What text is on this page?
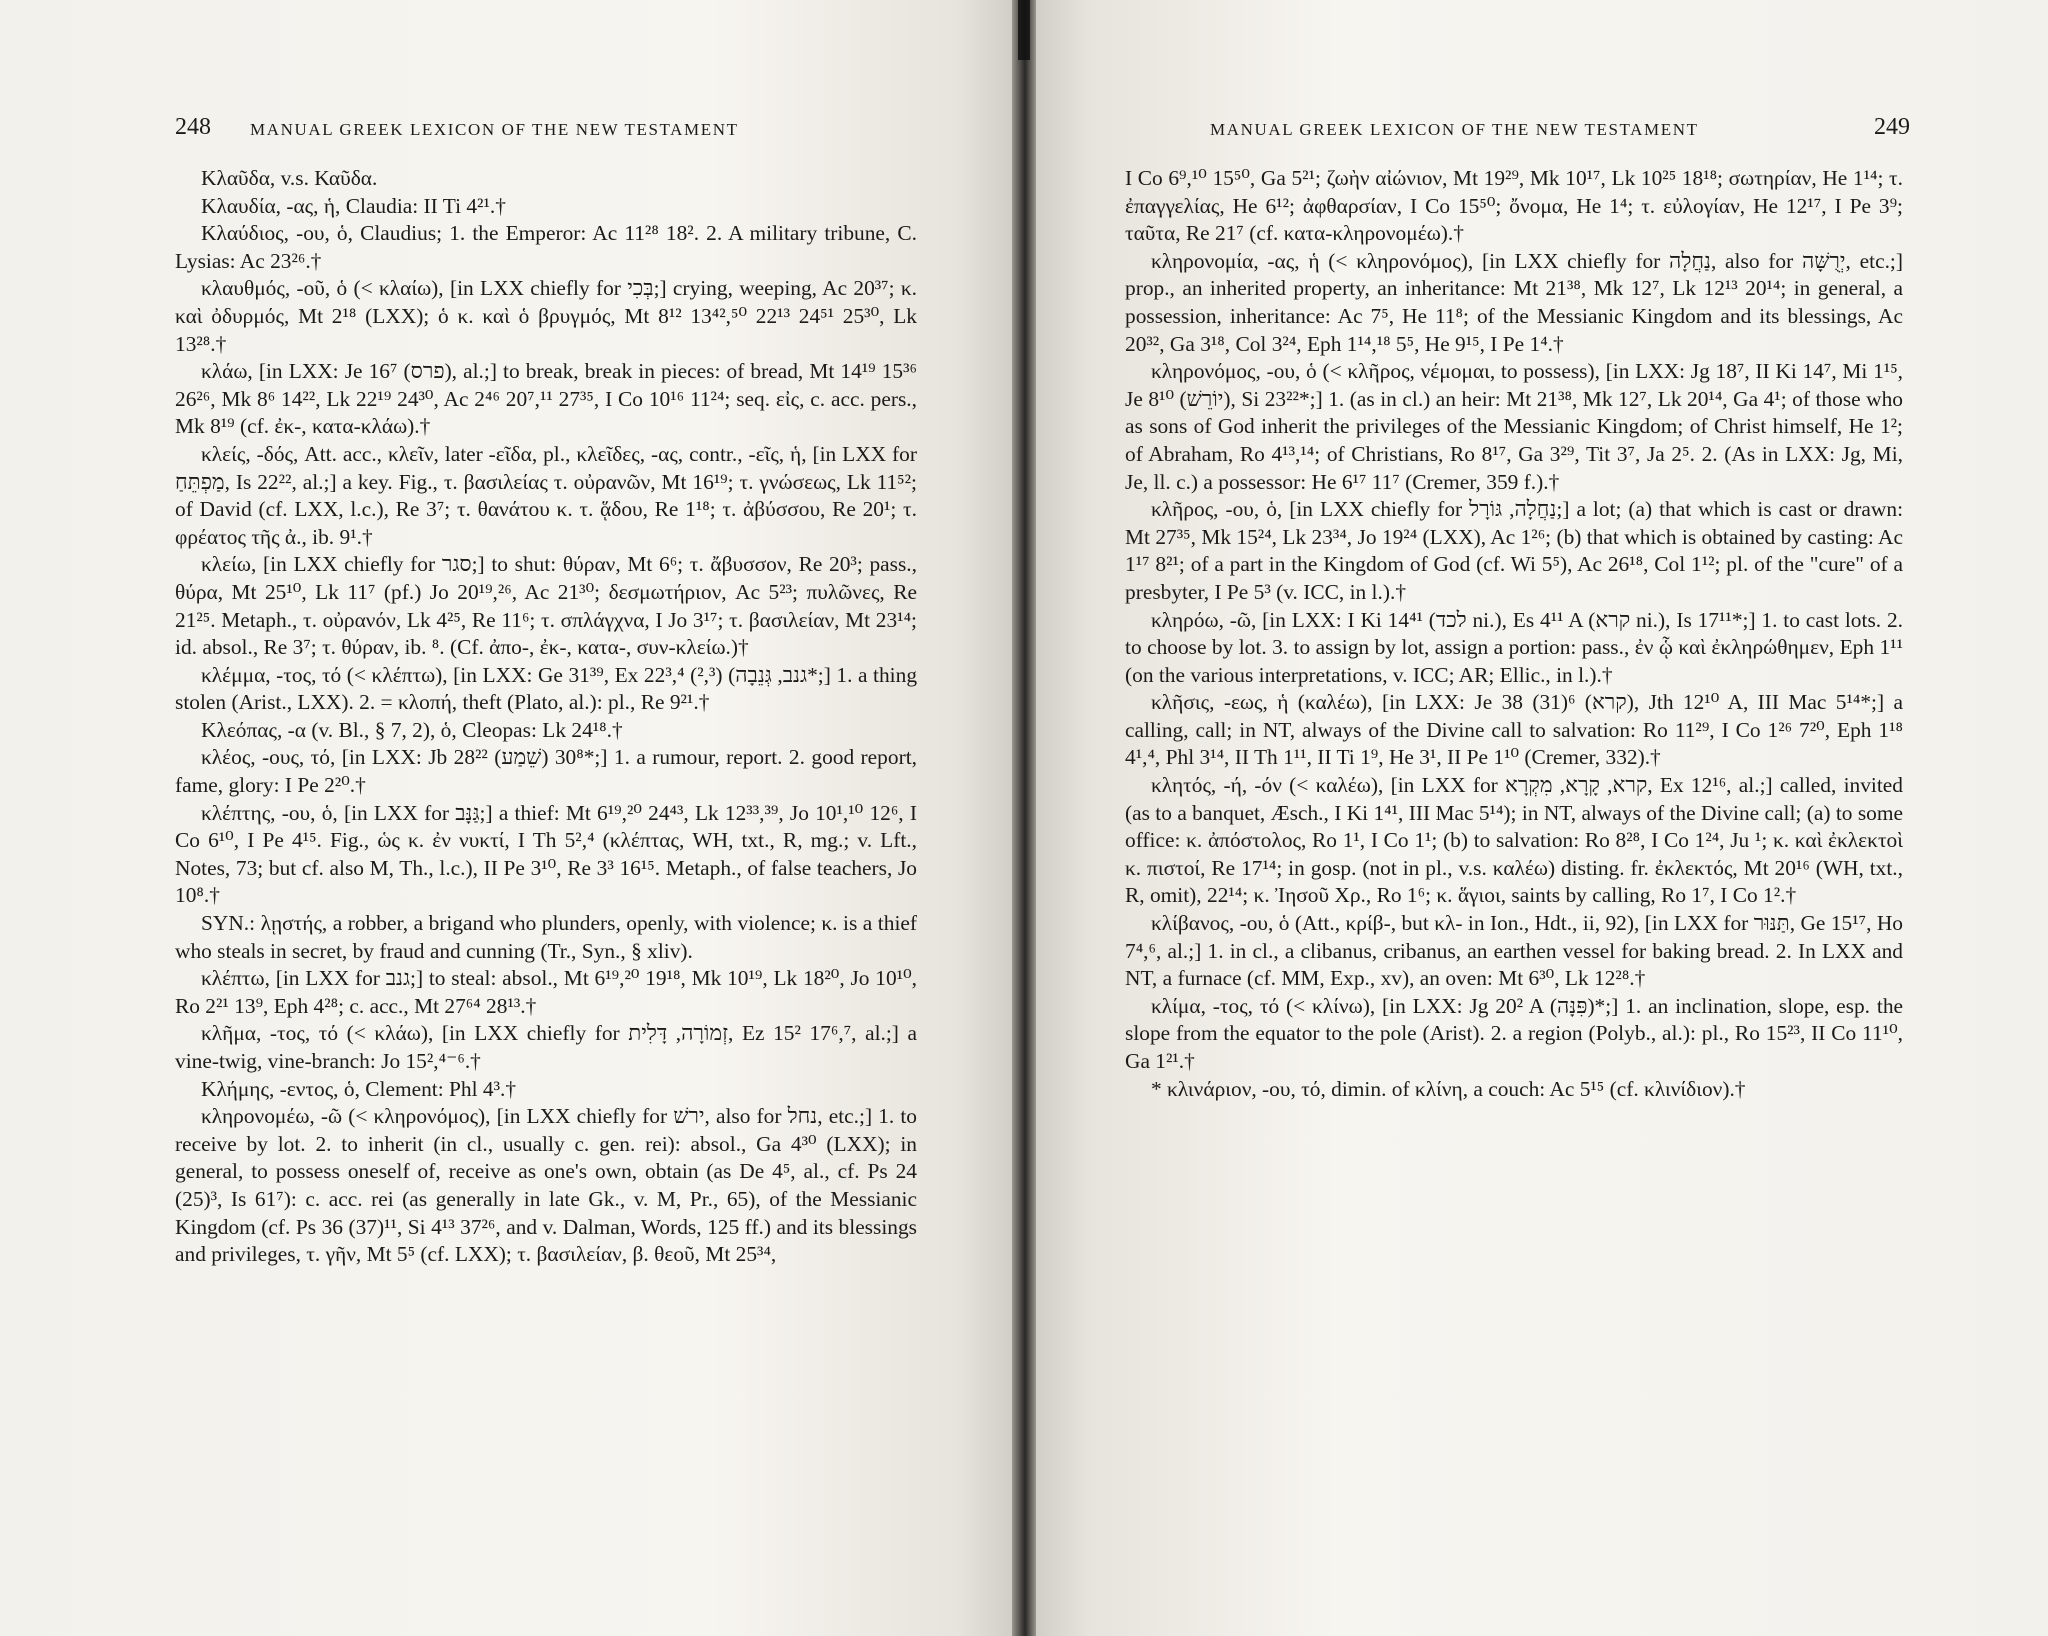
248 MANUAL GREEK LEXICON OF THE NEW TESTAMENT

Κλαῦδα, v.s. Καῦδα.

Κλαυδία, -ας, ἡ, Claudia: II Ti 4²¹.†

Κλαύδιος, -ου, ὁ, Claudius; 1. the Emperor: Ac 11²⁸ 18². 2. A military tribune, C. Lysias: Ac 23²⁶.†

κλαυθμός, -οῦ, ὁ (< κλαίω), [in LXX chiefly for בְּכִי;] crying, weeping, Ac 20³⁷; κ. καὶ ὀδυρμός, Mt 2¹⁸ (LXX); ὁ κ. καὶ ὁ βρυγμός, Mt 8¹² 13⁴²,⁵⁰ 22¹³ 24⁵¹ 25³⁰, Lk 13²⁸.†

κλάω, [in LXX: Je 16⁷ (פרס), al.;] to break, break in pieces: of bread, Mt 14¹⁹ 15³⁶ 26²⁶, Mk 8⁶ 14²², Lk 22¹⁹ 24³⁰, Ac 2⁴⁶ 20⁷,¹¹ 27³⁵, I Co 10¹⁶ 11²⁴; seq. εἰς, c. acc. pers., Mk 8¹⁹ (cf. ἐκ-, κατα-κλάω).†

κλείς, -δός, Att. acc., κλεῖν, later -εῖδα, pl., κλεῖδες, -ας, contr., -εῖς, ἡ, [in LXX for מַפְתֵּחַ, Is 22²², al.;] a key. Fig., τ. βασιλείας τ. οὐρανῶν, Mt 16¹⁹; τ. γνώσεως, Lk 11⁵²; of David (cf. LXX, l.c.), Re 3⁷; τ. θανάτου κ. τ. ᾅδου, Re 1¹⁸; τ. ἀβύσσου, Re 20¹; τ. φρέατος τῆς ἀ., ib. 9¹.†

κλείω, [in LXX chiefly for סגר;] to shut: θύραν, Mt 6⁶; τ. ἄβυσσον, Re 20³; pass., θύρα, Mt 25¹⁰, Lk 11⁷ (pf.) Jo 20¹⁹,²⁶, Ac 21³⁰; δεσμωτήριον, Ac 5²³; πυλῶνες, Re 21²⁵. Metaph., τ. οὐρανόν, Lk 4²⁵, Re 11⁶; τ. σπλάγχνα, I Jo 3¹⁷; τ. βασιλείαν, Mt 23¹⁴; id. absol., Re 3⁷; τ. θύραν, ib. ⁸. (Cf. ἀπο-, ἐκ-, κατα-, συν-κλείω.)†

κλέμμα, -τος, τό (< κλέπτω), [in LXX: Ge 31³⁹, Ex 22³,⁴ (²,³) (גנב, גְּנֵבָה*;] 1. a thing stolen (Arist., LXX). 2. = κλοπή, theft (Plato, al.): pl., Re 9²¹.†

Κλεόπας, -α (v. Bl., § 7, 2), ὁ, Cleopas: Lk 24¹⁸.†

κλέος, -ους, τό, [in LXX: Jb 28²² (שֵׁמַע) 30⁸*;] 1. a rumour, report. 2. good report, fame, glory: I Pe 2²⁰.†

κλέπτης, -ου, ὁ, [in LXX for גַּנָּב;] a thief: Mt 6¹⁹,²⁰ 24⁴³, Lk 12³³,³⁹, Jo 10¹,¹⁰ 12⁶, I Co 6¹⁰, I Pe 4¹⁵. Fig., ὡς κ. ἐν νυκτί, I Th 5²,⁴ (κλέπτας, WH, txt., R, mg.; v. Lft., Notes, 73; but cf. also M, Th., l.c.), II Pe 3¹⁰, Re 3³ 16¹⁵. Metaph., of false teachers, Jo 10⁸.†

SYN.: λῃστής, a robber, a brigand who plunders, openly, with violence; κ. is a thief who steals in secret, by fraud and cunning (Tr., Syn., § xliv).

κλέπτω, [in LXX for גנב;] to steal: absol., Mt 6¹⁹,²⁰ 19¹⁸, Mk 10¹⁹, Lk 18²⁰, Jo 10¹⁰, Ro 2²¹ 13⁹, Eph 4²⁸; c. acc., Mt 27⁶⁴ 28¹³.†

κλῆμα, -τος, τό (< κλάω), [in LXX chiefly for זְמוֹרָה, דָּלִית, Ez 15² 17⁶,⁷, al.;] a vine-twig, vine-branch: Jo 15²,⁴⁻⁶.†

Κλήμης, -εντος, ὁ, Clement: Phl 4³.†

κληρονομέω, -ῶ (< κληρονόμος), [in LXX chiefly for ירשׁ, also for נחל, etc.;] 1. to receive by lot. 2. to inherit (in cl., usually c. gen. rei): absol., Ga 4³⁰ (LXX); in general, to possess oneself of, receive as one's own, obtain (as De 4⁵, al., cf. Ps 24 (25)³, Is 61⁷): c. acc. rei (as generally in late Gk., v. M, Pr., 65), of the Messianic Kingdom (cf. Ps 36 (37)¹¹, Si 4¹³ 37²⁶, and v. Dalman, Words, 125 ff.) and its blessings and privileges, τ. γῆν, Mt 5⁵ (cf. LXX); τ. βασιλείαν, β. θεοῦ, Mt 25³⁴,

MANUAL GREEK LEXICON OF THE NEW TESTAMENT	249

I Co 6⁹,¹⁰ 15⁵⁰, Ga 5²¹; ζωὴν αἰώνιον, Mt 19²⁹, Mk 10¹⁷, Lk 10²⁵ 18¹⁸; σωτηρίαν, He 1¹⁴; τ. ἐπαγγελίας, He 6¹²; ἀφθαρσίαν, I Co 15⁵⁰; ὄνομα, He 1⁴; τ. εὐλογίαν, He 12¹⁷, I Pe 3⁹; ταῦτα, Re 21⁷ (cf. κατα-κληρονομέω).†

κληρονομία, -ας, ἡ (< κληρονόμος), [in LXX chiefly for נַחֲלָה, also for יְרֻשָּׁה, etc.;] prop., an inherited property, an inheritance: Mt 21³⁸, Mk 12⁷, Lk 12¹³ 20¹⁴; in general, a possession, inheritance: Ac 7⁵, He 11⁸; of the Messianic Kingdom and its blessings, Ac 20³², Ga 3¹⁸, Col 3²⁴, Eph 1¹⁴,¹⁸ 5⁵, He 9¹⁵, I Pe 1⁴.†

κληρονόμος, -ου, ὁ (< κλῆρος, νέμομαι, to possess), [in LXX: Jg 18⁷, II Ki 14⁷, Mi 1¹⁵, Je 8¹⁰ (יוֹרֵשׁ), Si 23²²*;] 1. (as in cl.) an heir: Mt 21³⁸, Mk 12⁷, Lk 20¹⁴, Ga 4¹; of those who as sons of God inherit the privileges of the Messianic Kingdom; of Christ himself, He 1²; of Abraham, Ro 4¹³,¹⁴; of Christians, Ro 8¹⁷, Ga 3²⁹, Tit 3⁷, Ja 2⁵. 2. (As in LXX: Jg, Mi, Je, ll. c.) a possessor: He 6¹⁷ 11⁷ (Cremer, 359 f.).†

κλῆρος, -ου, ὁ, [in LXX chiefly for נַחֲלָה, גּוֹרָל;] a lot; (a) that which is cast or drawn: Mt 27³⁵, Mk 15²⁴, Lk 23³⁴, Jo 19²⁴ (LXX), Ac 1²⁶; (b) that which is obtained by casting: Ac 1¹⁷ 8²¹; of a part in the Kingdom of God (cf. Wi 5⁵), Ac 26¹⁸, Col 1¹²; pl. of the "cure" of a presbyter, I Pe 5³ (v. ICC, in l.).†

κληρόω, -ῶ, [in LXX: I Ki 14⁴¹ (לכד ni.), Es 4¹¹ A (קרא ni.), Is 17¹¹*;] 1. to cast lots. 2. to choose by lot. 3. to assign by lot, assign a portion: pass., ἐν ᾧ καὶ ἐκληρώθημεν, Eph 1¹¹ (on the various interpretations, v. ICC; AR; Ellic., in l.).†

κλῆσις, -εως, ἡ (καλέω), [in LXX: Je 38 (31)⁶ (קרא), Jth 12¹⁰ A, III Mac 5¹⁴*;] a calling, call; in NT, always of the Divine call to salvation: Ro 11²⁹, I Co 1²⁶ 7²⁰, Eph 1¹⁸ 4¹,⁴, Phl 3¹⁴, II Th 1¹¹, II Ti 1⁹, He 3¹, II Pe 1¹⁰ (Cremer, 332).†

κλητός, -ή, -όν (< καλέω), [in LXX for קרא, קָרָא, מִקְרָא, Ex 12¹⁶, al.;] called, invited (as to a banquet, Æsch., I Ki 1⁴¹, III Mac 5¹⁴); in NT, always of the Divine call; (a) to some office: κ. ἀπόστολος, Ro 1¹, I Co 1¹; (b) to salvation: Ro 8²⁸, I Co 1²⁴, Ju ¹; κ. καὶ ἐκλεκτοὶ κ. πιστοί, Re 17¹⁴; in gosp. (not in pl., v.s. καλέω) disting. fr. ἐκλεκτός, Mt 20¹⁶ (WH, txt., R, omit), 22¹⁴; κ. Ἰησοῦ Χρ., Ro 1⁶; κ. ἅγιοι, saints by calling, Ro 1⁷, I Co 1².†

κλίβανος, -ου, ὁ (Att., κρίβ-, but κλ- in Ion., Hdt., ii, 92), [in LXX for תַּנּוּר, Ge 15¹⁷, Ho 7⁴,⁶, al.;] 1. in cl., a clibanus, cribanus, an earthen vessel for baking bread. 2. In LXX and NT, a furnace (cf. MM, Exp., xv), an oven: Mt 6³⁰, Lk 12²⁸.†

κλίμα, -τος, τό (< κλίνω), [in LXX: Jg 20² A (פִּנָּה)*;] 1. an inclination, slope, esp. the slope from the equator to the pole (Arist). 2. a region (Polyb., al.): pl., Ro 15²³, II Co 11¹⁰, Ga 1²¹.†

* κλινάριον, -ου, τό, dimin. of κλίνη, a couch: Ac 5¹⁵ (cf. κλινίδιον).†
